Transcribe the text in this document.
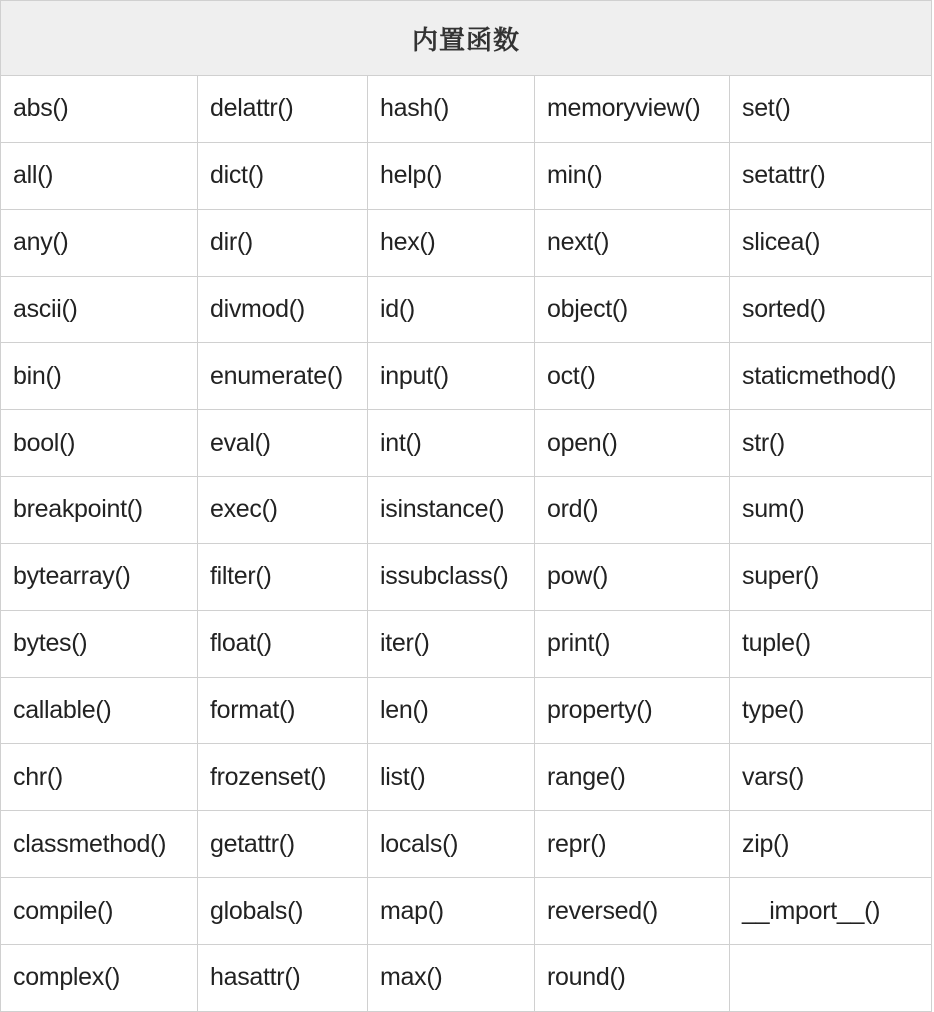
内置函数				
abs()	delattr()	hash()	memoryview()	set()
all()	dict()	help()	min()	setattr()
any()	dir()	hex()	next()	slicea()
ascii()	divmod()	id()	object()	sorted()
bin()	enumerate()	input()	oct()	staticmethod()
bool()	eval()	int()	open()	str()
breakpoint()	exec()	isinstance()	ord()	sum()
bytearray()	filter()	issubclass()	pow()	super()
bytes()	float()	iter()	print()	tuple()
callable()	format()	len()	property()	type()
chr()	frozenset()	list()	range()	vars()
classmethod()	getattr()	locals()	repr()	zip()
compile()	globals()	map()	reversed()	__import__()
complex()	hasattr()	max()	round()	
